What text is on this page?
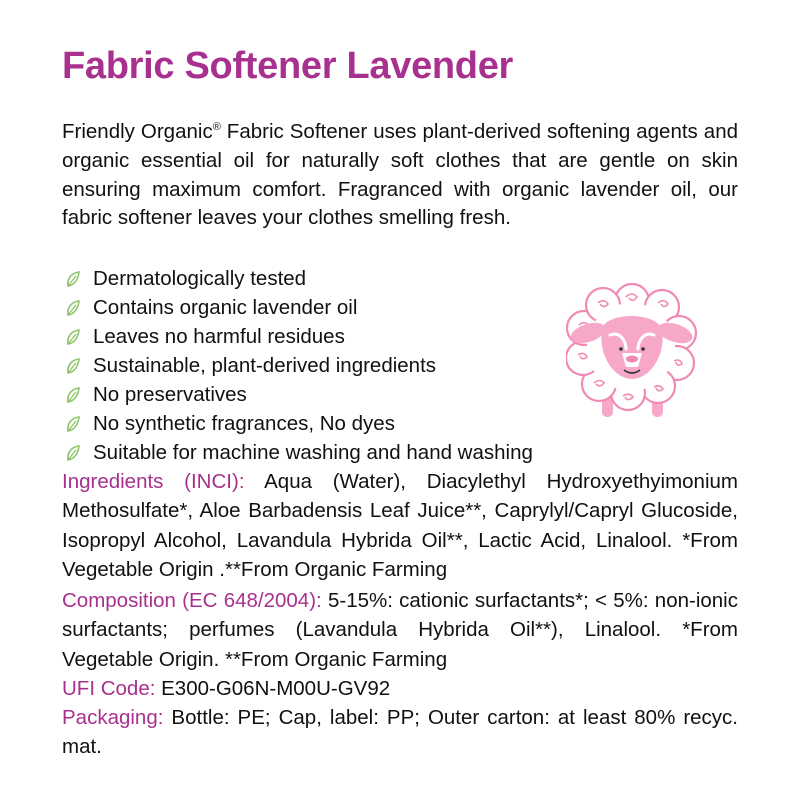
Fabric Softener Lavender

Friendly Organic® Fabric Softener uses plant-derived softening agents and organic essential oil for naturally soft clothes that are gentle on skin ensuring maximum comfort. Fragranced with organic lavender oil, our fabric softener leaves your clothes smelling fresh.

Dermatologically tested
Contains organic lavender oil
Leaves no harmful residues
Sustainable, plant-derived ingredients
No preservatives
No synthetic fragrances, No dyes
Suitable for machine washing and hand washing

Ingredients (INCI): Aqua (Water), Diacylethyl Hydroxyethyimonium Methosulfate*, Aloe Barbadensis Leaf Juice**, Caprylyl/Capryl Glucoside, Isopropyl Alcohol, Lavandula Hybrida Oil**, Lactic Acid, Linalool. *From Vegetable Origin .**From Organic Farming

Composition (EC 648/2004): 5-15%: cationic surfactants*; < 5%: non-ionic surfactants; perfumes (Lavandula Hybrida Oil**), Linalool. *From Vegetable Origin. **From Organic Farming

UFI Code: E300-G06N-M00U-GV92

Packaging: Bottle: PE; Cap, label: PP; Outer carton: at least 80% recyc. mat.
